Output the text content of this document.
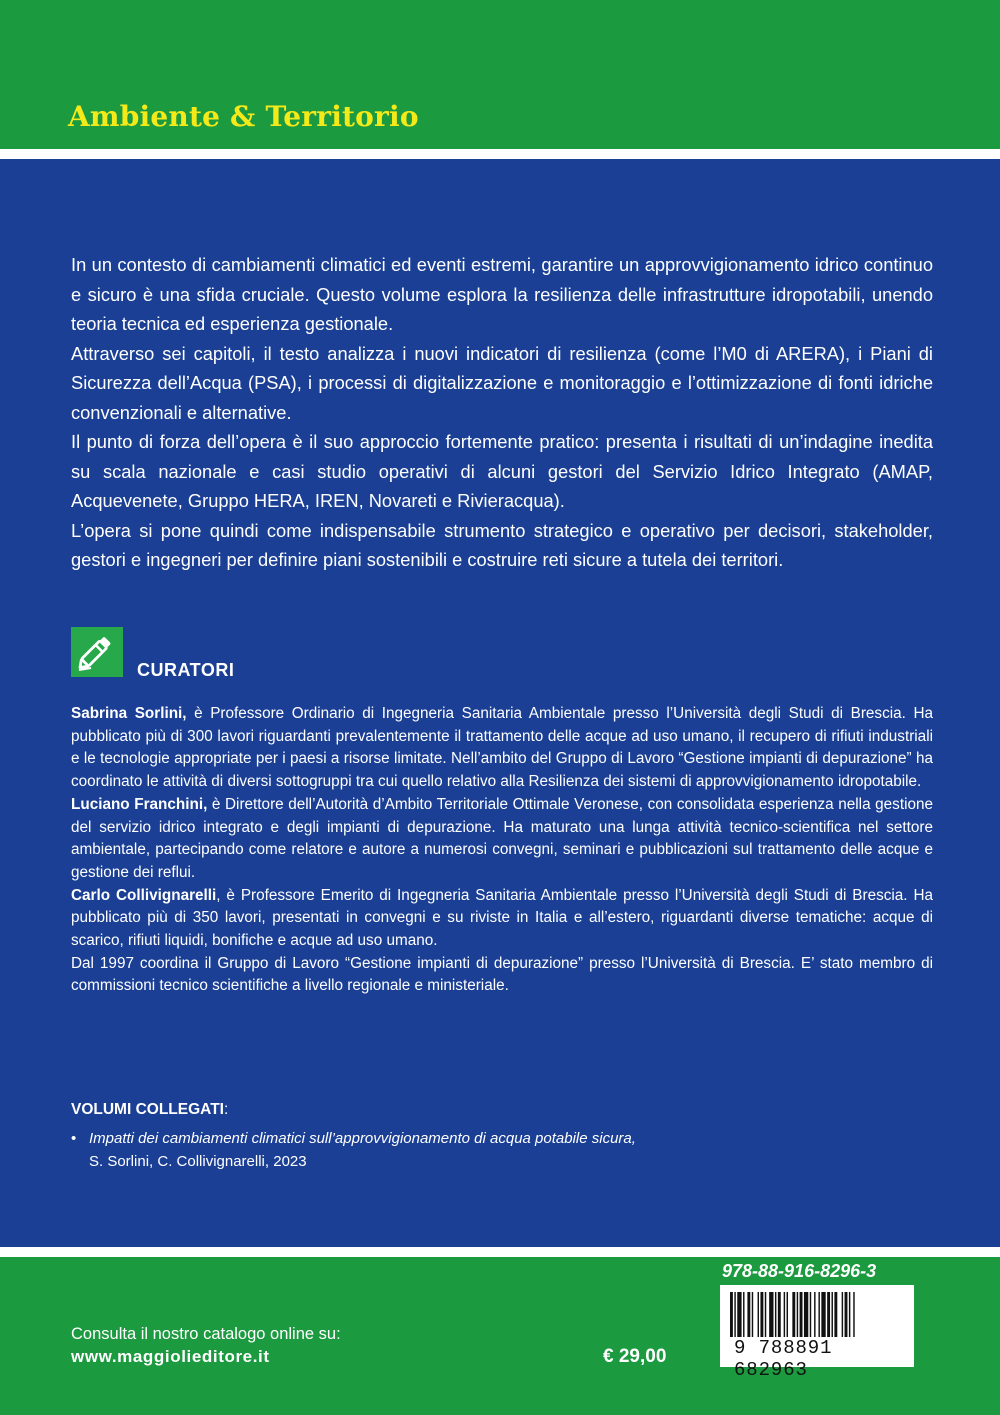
Ambiente & Territorio

In un contesto di cambiamenti climatici ed eventi estremi, garantire un approvvigionamento idrico continuo e sicuro è una sfida cruciale. Questo volume esplora la resilienza delle infrastrutture idropotabili, unendo teoria tecnica ed esperienza gestionale.

Attraverso sei capitoli, il testo analizza i nuovi indicatori di resilienza (come l’M0 di ARERA), i Piani di Sicurezza dell’Acqua (PSA), i processi di digitalizzazione e monitoraggio e l’ottimizzazione di fonti idriche convenzionali e alternative.

Il punto di forza dell’opera è il suo approccio fortemente pratico: presenta i risultati di un’indagine inedita su scala nazionale e casi studio operativi di alcuni gestori del Servizio Idrico Integrato (AMAP, Acquevenete, Gruppo HERA, IREN, Novareti e Rivieracqua).

L’opera si pone quindi come indispensabile strumento strategico e operativo per decisori, stakeholder, gestori e ingegneri per definire piani sostenibili e costruire reti sicure a tutela dei territori.

CURATORI

Sabrina Sorlini, è Professore Ordinario di Ingegneria Sanitaria Ambientale presso l’Università degli Studi di Brescia. Ha pubblicato più di 300 lavori riguardanti prevalentemente il trattamento delle acque ad uso umano, il recupero di rifiuti industriali e le tecnologie appropriate per i paesi a risorse limitate. Nell’ambito del Gruppo di Lavoro “Gestione impianti di depurazione” ha coordinato le attività di diversi sottogruppi tra cui quello relativo alla Resilienza dei sistemi di approvvigionamento idropotabile.

Luciano Franchini, è Direttore dell’Autorità d’Ambito Territoriale Ottimale Veronese, con consolidata esperienza nella gestione del servizio idrico integrato e degli impianti di depurazione. Ha maturato una lunga attività tecnico-scientifica nel settore ambientale, partecipando come relatore e autore a numerosi convegni, seminari e pubblicazioni sul trattamento delle acque e gestione dei reflui.

Carlo Collivignarelli, è Professore Emerito di Ingegneria Sanitaria Ambientale presso l’Università degli Studi di Brescia. Ha pubblicato più di 350 lavori, presentati in convegni e su riviste in Italia e all’estero, riguardanti diverse tematiche: acque di scarico, rifiuti liquidi, bonifiche e acque ad uso umano.

Dal 1997 coordina il Gruppo di Lavoro “Gestione impianti di depurazione” presso l’Università di Brescia. E’ stato membro di commissioni tecnico scientifiche a livello regionale e ministeriale.

VOLUMI COLLEGATI:
• Impatti dei cambiamenti climatici sull’approvvigionamento di acqua potabile sicura,
S. Sorlini, C. Collivignarelli, 2023
Consulta il nostro catalogo online su:
www.maggiolieditore.it	€ 29,00
978-88-916-8296-3
9 788891 682963
